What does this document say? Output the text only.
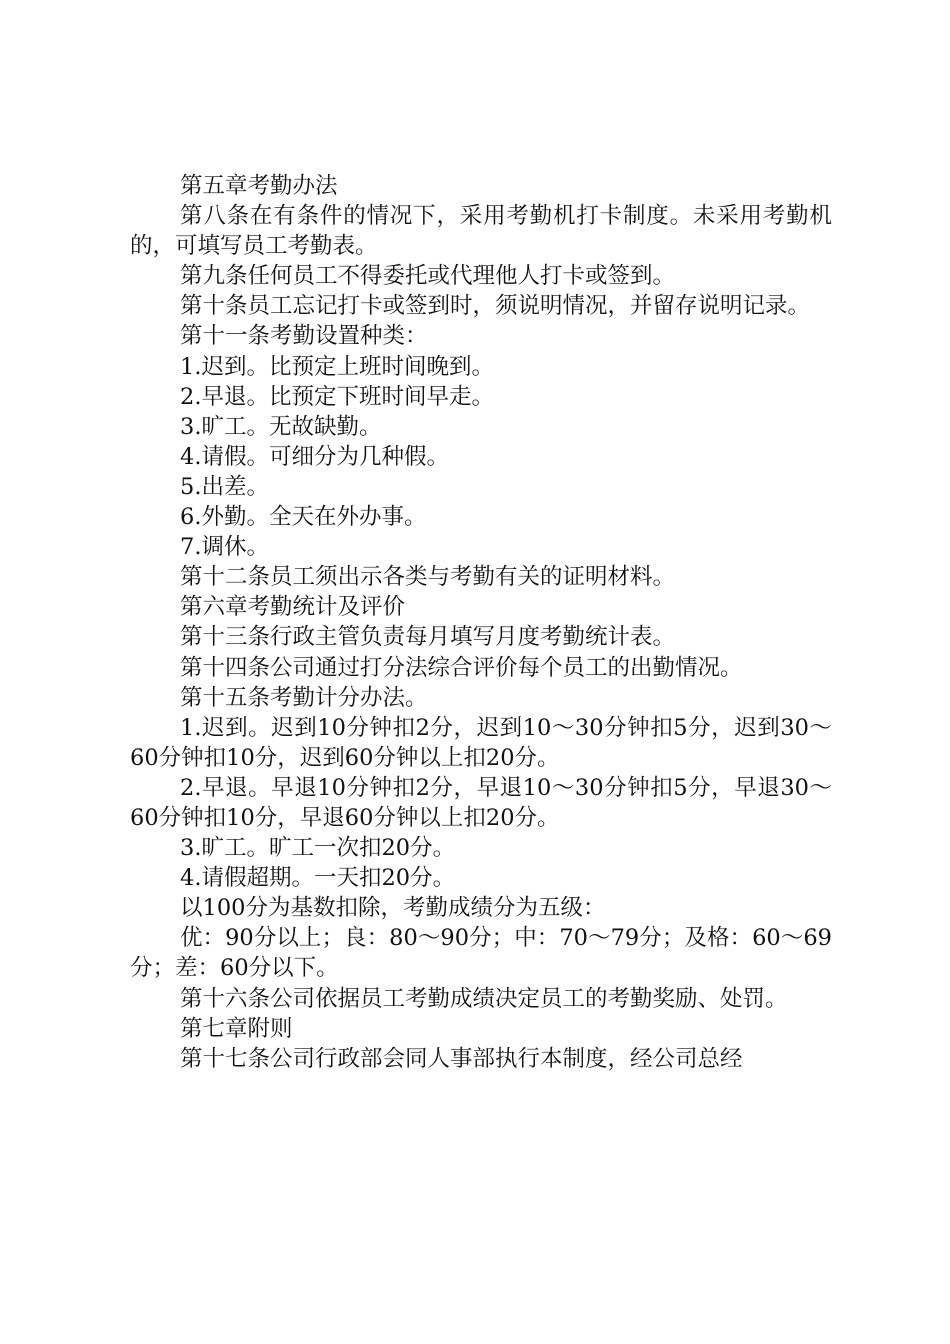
第五章考勤办法

第八条在有条件的情况下，采用考勤机打卡制度。未采用考勤机的，可填写员工考勤表。

第九条任何员工不得委托或代理他人打卡或签到。

第十条员工忘记打卡或签到时，须说明情况，并留存说明记录。

第十一条考勤设置种类：

1.迟到。比预定上班时间晚到。

2.早退。比预定下班时间早走。

3.旷工。无故缺勤。

4.请假。可细分为几种假。

5.出差。

6.外勤。全天在外办事。

7.调休。

第十二条员工须出示各类与考勤有关的证明材料。

第六章考勤统计及评价

第十三条行政主管负责每月填写月度考勤统计表。

第十四条公司通过打分法综合评价每个员工的出勤情况。

第十五条考勤计分办法。

1.迟到。迟到10分钟扣2分，迟到10～30分钟扣5分，迟到30～60分钟扣10分，迟到60分钟以上扣20分。

2.早退。早退10分钟扣2分，早退10～30分钟扣5分，早退30～60分钟扣10分，早退60分钟以上扣20分。

3.旷工。旷工一次扣20分。

4.请假超期。一天扣20分。

以100分为基数扣除，考勤成绩分为五级：

优：90分以上；良：80～90分；中：70～79分；及格：60～69分；差：60分以下。

第十六条公司依据员工考勤成绩决定员工的考勤奖励、处罚。

第七章附则

第十七条公司行政部会同人事部执行本制度，经公司总经
